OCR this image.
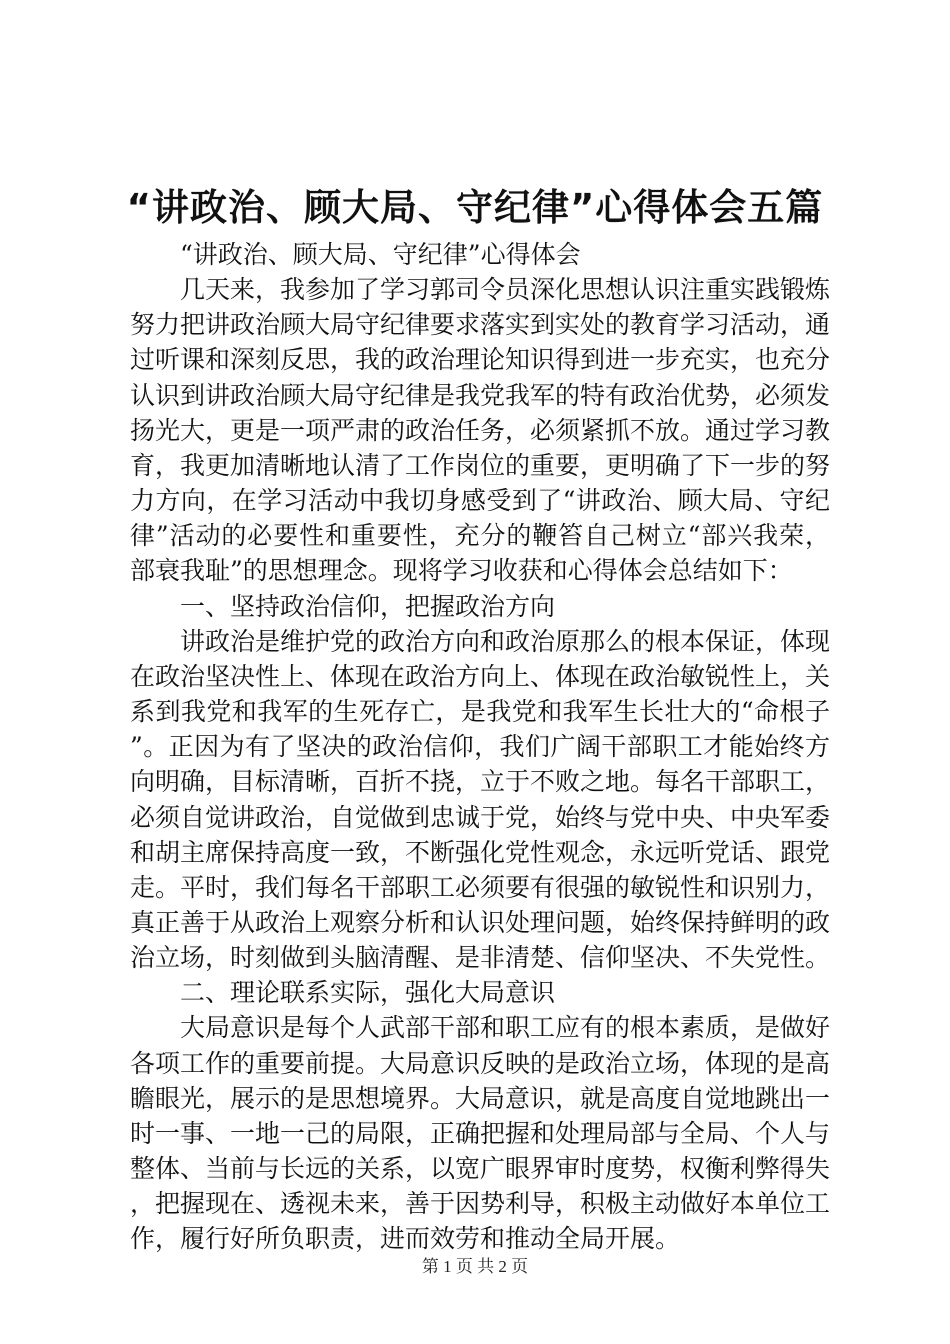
“讲政治、顾大局、守纪律”心得体会五篇

“讲政治、顾大局、守纪律”心得体会

几天来，我参加了学习郭司令员深化思想认识注重实践锻炼努力把讲政治顾大局守纪律要求落实到实处的教育学习活动，通过听课和深刻反思，我的政治理论知识得到进一步充实，也充分认识到讲政治顾大局守纪律是我党我军的特有政治优势，必须发扬光大，更是一项严肃的政治任务，必须紧抓不放。通过学习教育，我更加清晰地认清了工作岗位的重要，更明确了下一步的努力方向，在学习活动中我切身感受到了“讲政治、顾大局、守纪律”活动的必要性和重要性，充分的鞭笞自己树立“部兴我荣，部衰我耻”的思想理念。现将学习收获和心得体会总结如下：

一、坚持政治信仰，把握政治方向

讲政治是维护党的政治方向和政治原那么的根本保证，体现在政治坚决性上、体现在政治方向上、体现在政治敏锐性上，关系到我党和我军的生死存亡，是我党和我军生长壮大的“命根子”。正因为有了坚决的政治信仰，我们广阔干部职工才能始终方向明确，目标清晰，百折不挠，立于不败之地。每名干部职工，必须自觉讲政治，自觉做到忠诚于党，始终与党中央、中央军委和胡主席保持高度一致，不断强化党性观念，永远听党话、跟党走。平时，我们每名干部职工必须要有很强的敏锐性和识别力，真正善于从政治上观察分析和认识处理问题，始终保持鲜明的政治立场，时刻做到头脑清醒、是非清楚、信仰坚决、不失党性。

二、理论联系实际，强化大局意识

大局意识是每个人武部干部和职工应有的根本素质，是做好各项工作的重要前提。大局意识反映的是政治立场，体现的是高瞻眼光，展示的是思想境界。大局意识，就是高度自觉地跳出一时一事、一地一己的局限，正确把握和处理局部与全局、个人与整体、当前与长远的关系，以宽广眼界审时度势，权衡利弊得失，把握现在、透视未来，善于因势利导，积极主动做好本单位工作，履行好所负职责，进而效劳和推动全局开展。

第 1 页 共 2 页
